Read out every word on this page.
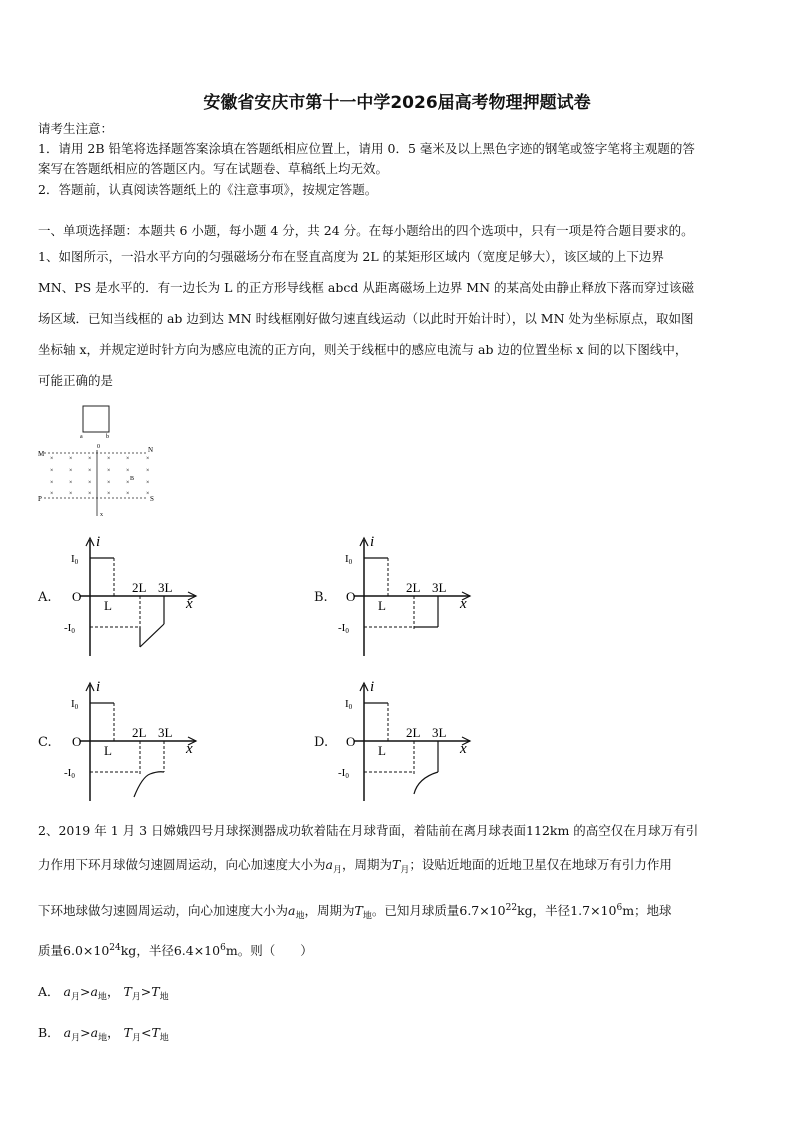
安徽省安庆市第十一中学2026届高考物理押题试卷
请考生注意：
1．请用 2B 铅笔将选择题答案涂填在答题纸相应位置上，请用 0．5 毫米及以上黑色字迹的钢笔或签字笔将主观题的答
案写在答题纸相应的答题区内。写在试题卷、草稿纸上均无效。
2．答题前，认真阅读答题纸上的《注意事项》，按规定答题。
一、单项选择题：本题共 6 小题，每小题 4 分，共 24 分。在每小题给出的四个选项中，只有一项是符合题目要求的。
1、如图所示，一沿水平方向的匀强磁场分布在竖直高度为 2L 的某矩形区域内（宽度足够大），该区域的上下边界
MN、PS 是水平的．有一边长为 L 的正方形导线框 abcd 从距离磁场上边界 MN 的某高处由静止释放下落而穿过该磁
场区域．已知当线框的 ab 边到达 MN 时线框刚好做匀速直线运动（以此时开始计时），以 MN 处为坐标原点，取如图
坐标轴 x，并规定逆时针方向为感应电流的正方向，则关于线框中的感应电流与 ab 边的位置坐标 x 间的以下图线中，
可能正确的是
a	b
0
M	N
P	S
B
x
×	×	×	×	×	×
×	×	×	×	×	×
×	×	×	×	×	×
×	×	×	×	×	×
A.
i
x
O
I0
-I0
L
2L 3L
B.
i
x
O
I0
-I0
L
2L 3L
C.
i
x
O
I0
-I0
L
2L 3L
D.
i
x
O
I0
-I0
L
2L 3L
2、2019 年 1 月 3 日嫦娥四号月球探测器成功软着陆在月球背面，着陆前在离月球表面112km 的高空仅在月球万有引
力作用下环月球做匀速圆周运动，向心加速度大小为$a_月$，周期为$T_月$；设贴近地面的近地卫星仅在地球万有引力作用
下环地球做匀速圆周运动，向心加速度大小为$a_地$，周期为$T_地$。已知月球质量$6.7\times 10^{22}kg$，半径$1.7\times 10^6m$；地球
质量$6.0\times 10^{24}kg$，半径$6.4\times 10^6m$。则（　　）
A． $a_月>a_地$， $T_月>T_地$
B． $a_月>a_地$， $T_月<T_地$
